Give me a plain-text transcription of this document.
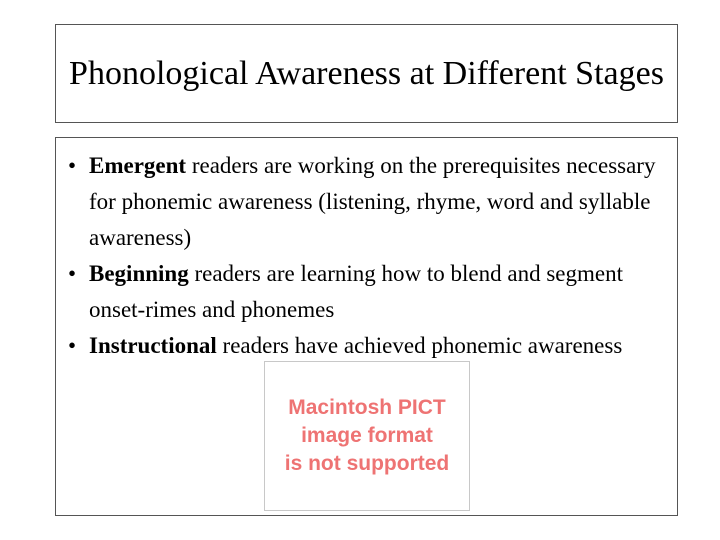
Phonological Awareness at Different Stages
• Emergent readers are working on the prerequisites necessary for phonemic awareness (listening, rhyme, word and syllable awareness)
• Beginning readers are learning how to blend and segment onset-rimes and phonemes
• Instructional readers have achieved phonemic awareness
Macintosh PICT
image format
is not supported
